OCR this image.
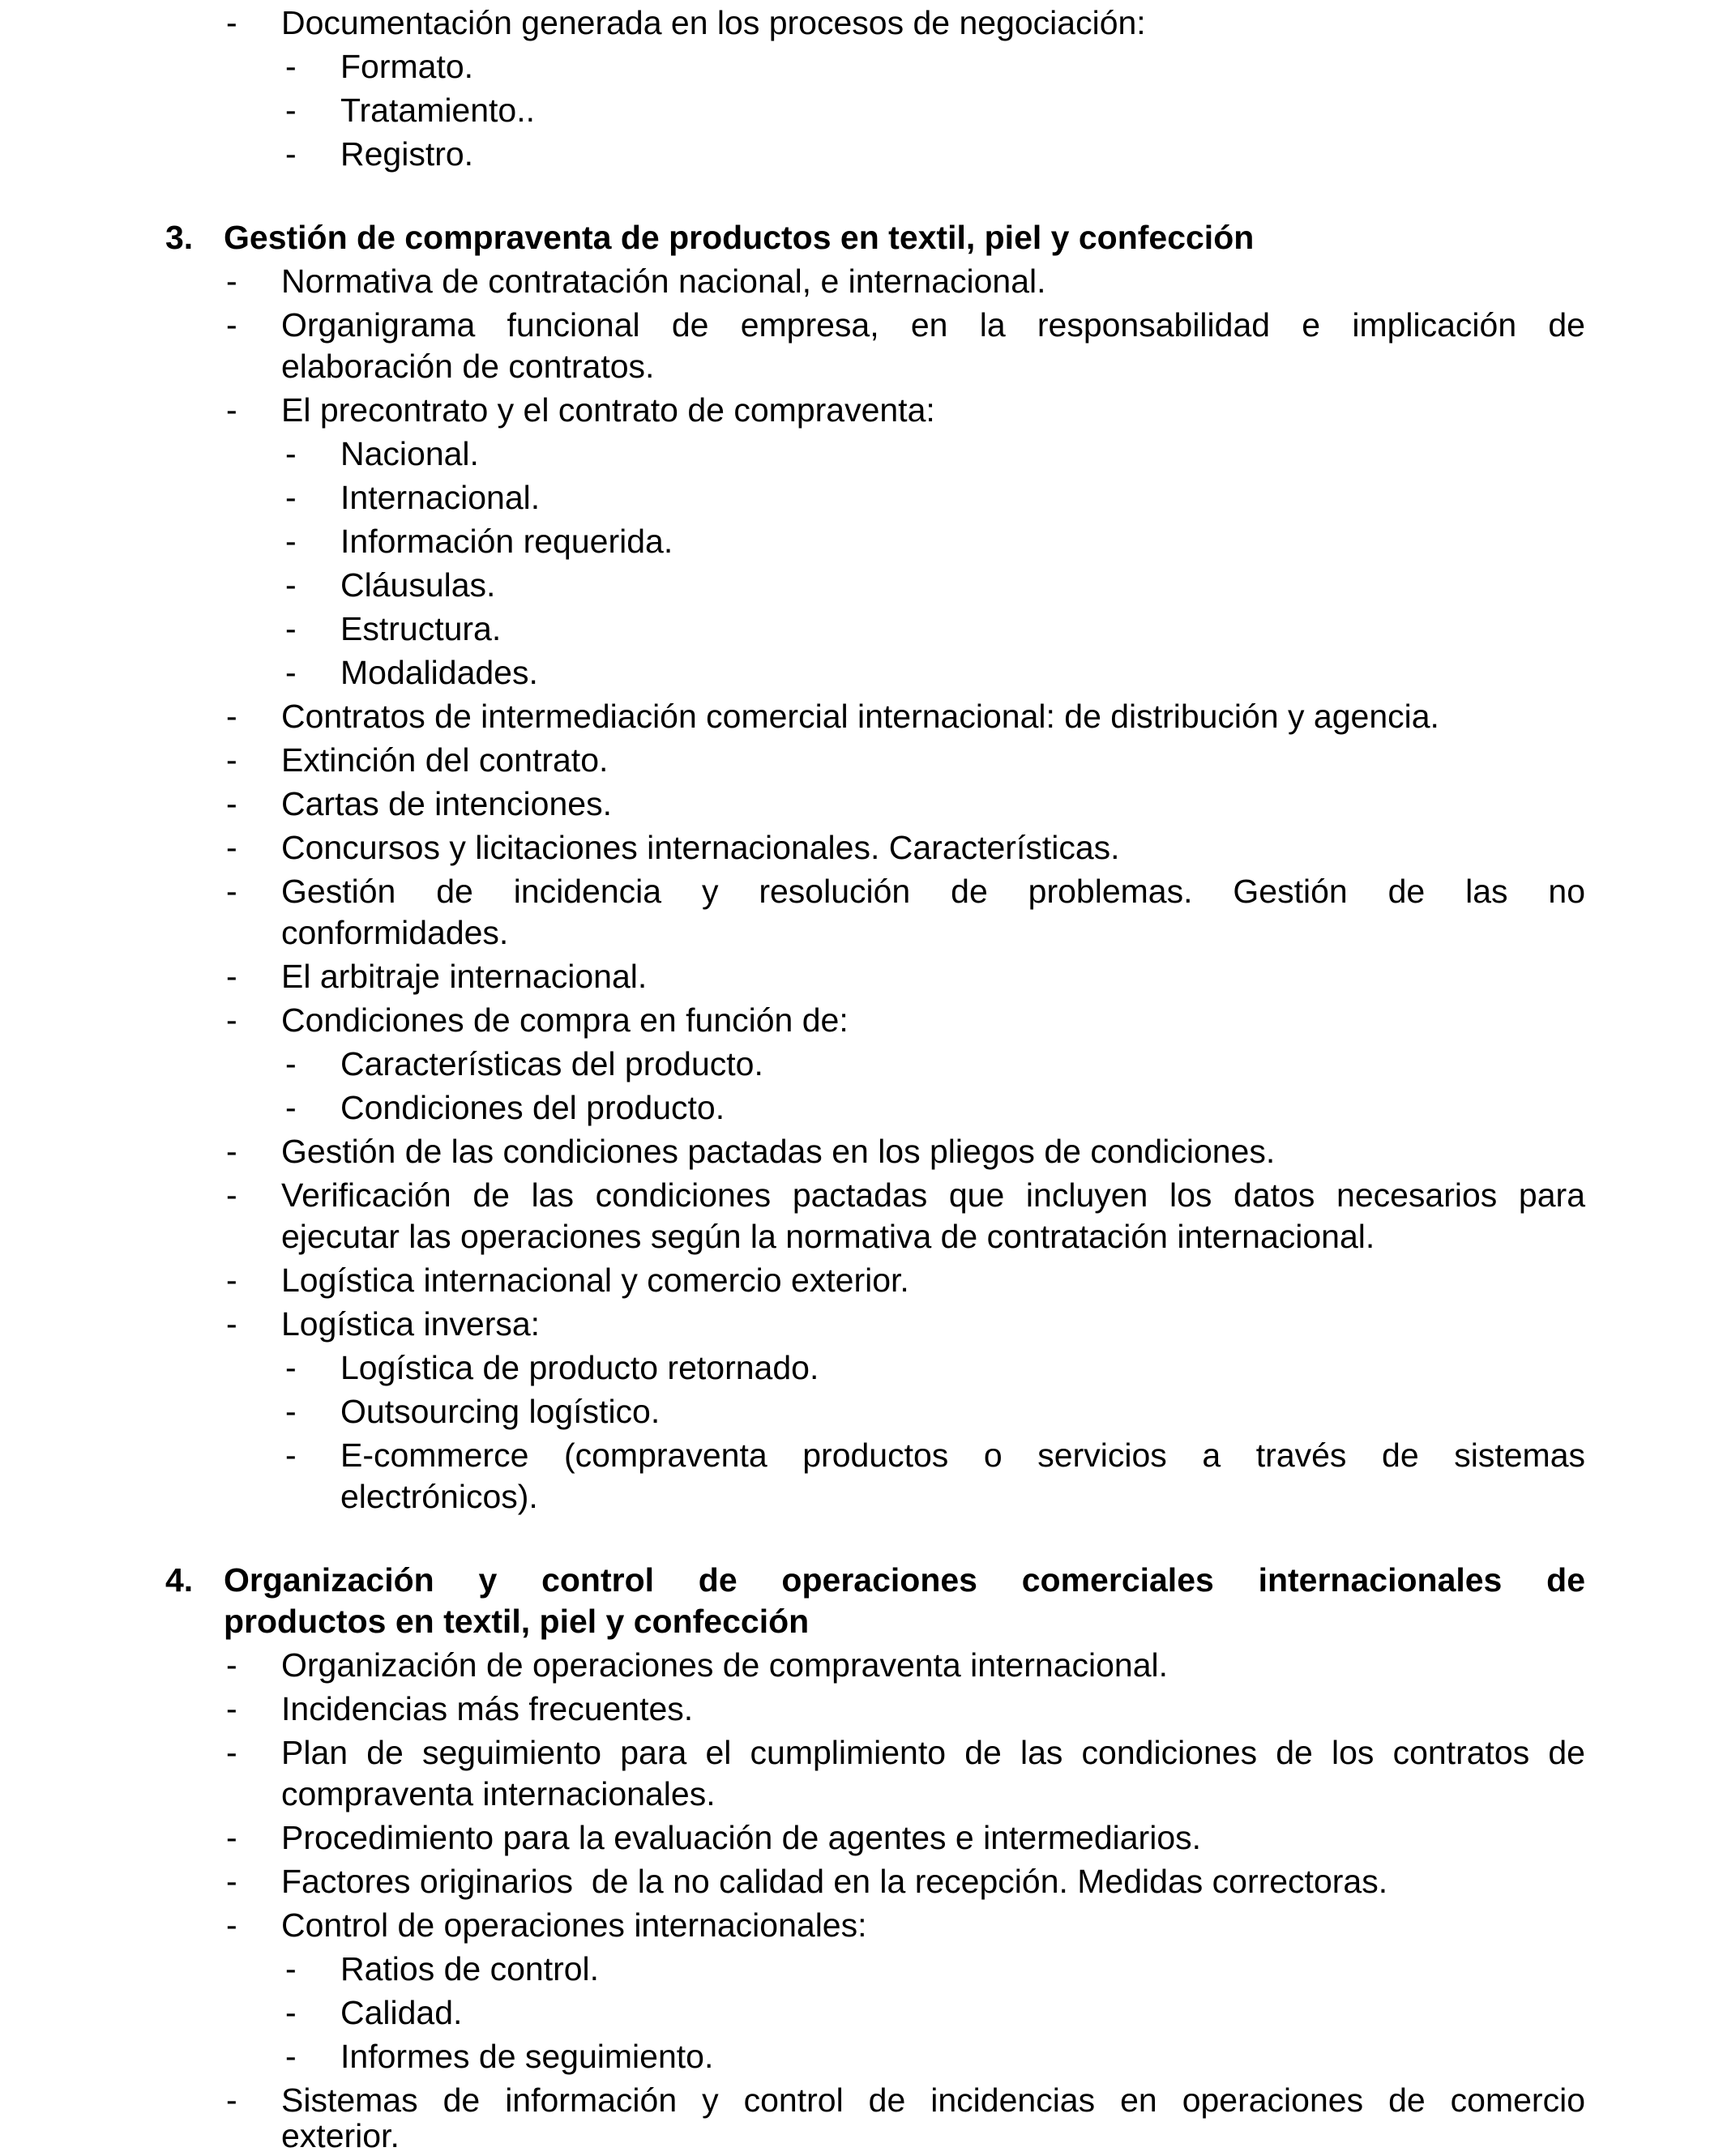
- Documentación generada en los procesos de negociación:
- Formato.
- Tratamiento..
- Registro.
3. Gestión de compraventa de productos en textil, piel y confección
- Normativa de contratación nacional, e internacional.
- Organigrama funcional de empresa, en la responsabilidad e implicación de
elaboración de contratos.
- El precontrato y el contrato de compraventa:
- Nacional.
- Internacional.
- Información requerida.
- Cláusulas.
- Estructura.
- Modalidades.
- Contratos de intermediación comercial internacional: de distribución y agencia.
- Extinción del contrato.
- Cartas de intenciones.
- Concursos y licitaciones internacionales. Características.
- Gestión de incidencia y resolución de problemas. Gestión de las no
conformidades.
- El arbitraje internacional.
- Condiciones de compra en función de:
- Características del producto.
- Condiciones del producto.
- Gestión de las condiciones pactadas en los pliegos de condiciones.
- Verificación de las condiciones pactadas que incluyen los datos necesarios para
ejecutar las operaciones según la normativa de contratación internacional.
- Logística internacional y comercio exterior.
- Logística inversa:
- Logística de producto retornado.
- Outsourcing logístico.
- E-commerce (compraventa productos o servicios a través de sistemas
electrónicos).
4. Organización y control de operaciones comerciales internacionales de
productos en textil, piel y confección
- Organización de operaciones de compraventa internacional.
- Incidencias más frecuentes.
- Plan de seguimiento para el cumplimiento de las condiciones de los contratos de
compraventa internacionales.
- Procedimiento para la evaluación de agentes e intermediarios.
- Factores originarios  de la no calidad en la recepción. Medidas correctoras.
- Control de operaciones internacionales:
- Ratios de control.
- Calidad.
- Informes de seguimiento.
- Sistemas de información y control de incidencias en operaciones de comercio
exterior.
